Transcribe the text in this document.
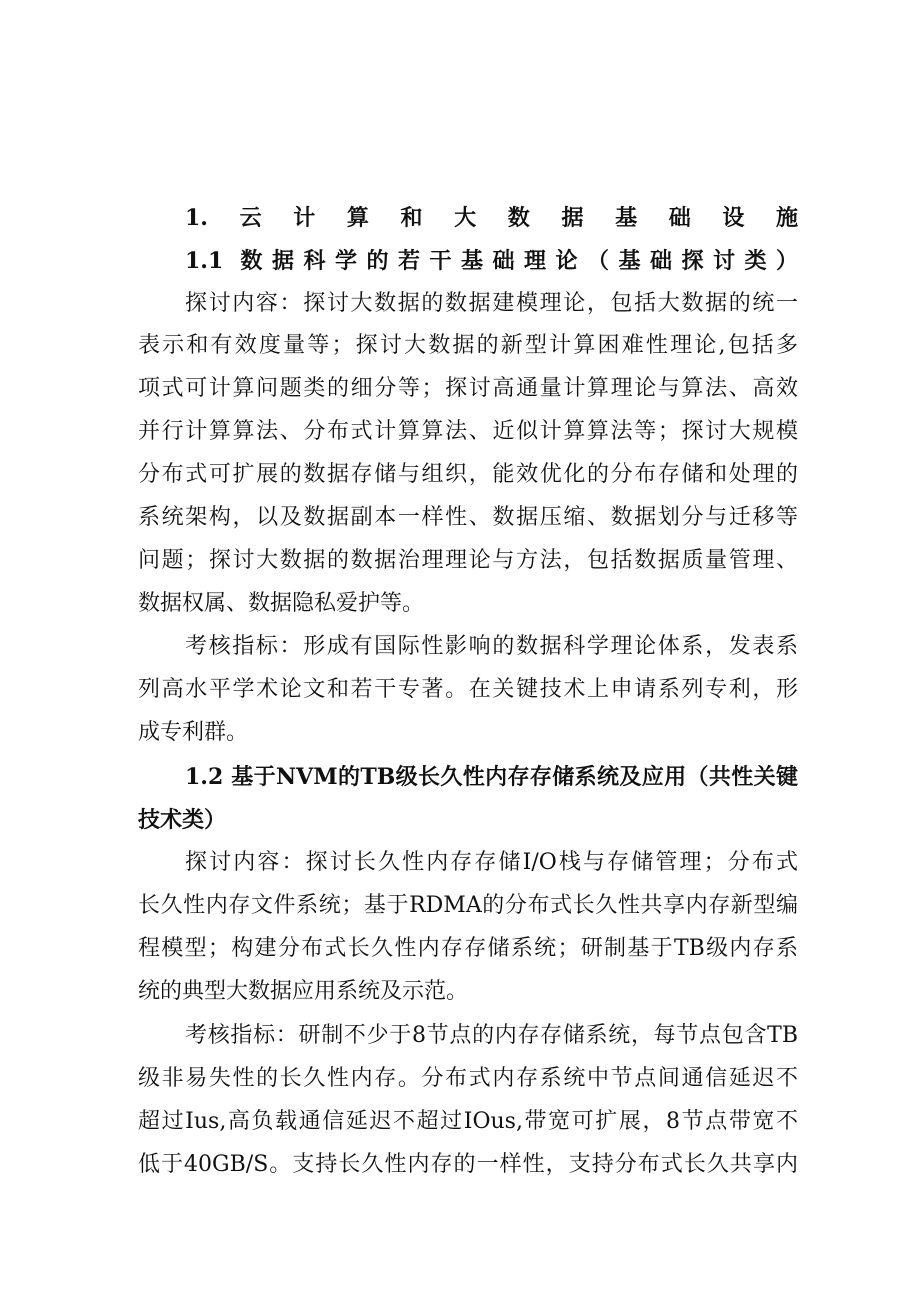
1.云计算和大数据基础设施
1.1 数据科学的若干基础理论（基础探讨类）
探讨内容：探讨大数据的数据建模理论，包括大数据的统一
表示和有效度量等；探讨大数据的新型计算困难性理论,包括多
项式可计算问题类的细分等；探讨高通量计算理论与算法、高效
并行计算算法、分布式计算算法、近似计算算法等；探讨大规模
分布式可扩展的数据存储与组织，能效优化的分布存储和处理的
系统架构，以及数据副本一样性、数据压缩、数据划分与迁移等
问题；探讨大数据的数据治理理论与方法，包括数据质量管理、
数据权属、数据隐私爱护等。
考核指标：形成有国际性影响的数据科学理论体系，发表系
列高水平学术论文和若干专著。在关键技术上申请系列专利，形
成专利群。
1.2 基于NVM的TB级长久性内存存储系统及应用（共性关键
技术类）
探讨内容：探讨长久性内存存储I/O栈与存储管理；分布式
长久性内存文件系统；基于RDMA的分布式长久性共享内存新型编
程模型；构建分布式长久性内存存储系统；研制基于TB级内存系
统的典型大数据应用系统及示范。
考核指标：研制不少于8节点的内存存储系统，每节点包含TB
级非易失性的长久性内存。分布式内存系统中节点间通信延迟不
超过Ius,高负载通信延迟不超过IOus,带宽可扩展，8节点带宽不
低于40GB/S。支持长久性内存的一样性，支持分布式长久共享内
